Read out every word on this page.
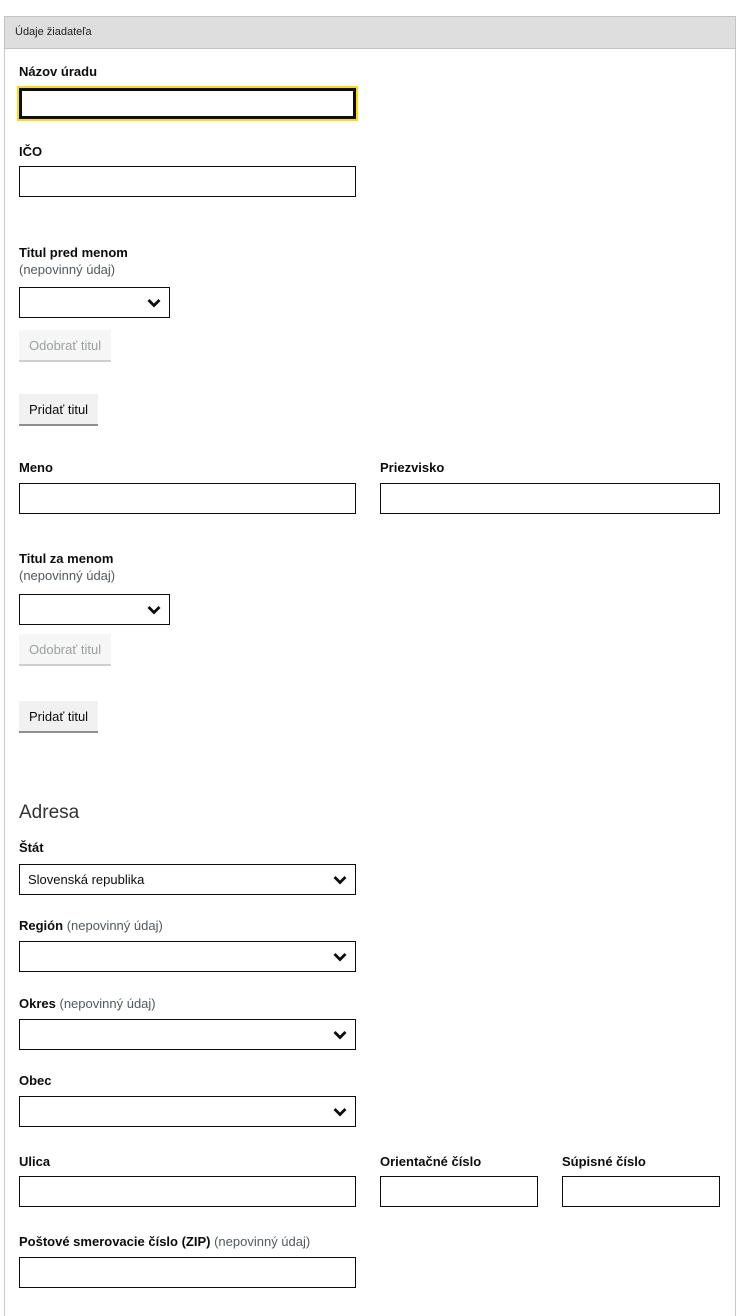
Údaje žiadateľa
Názov úradu
IČO
Titul pred menom
(nepovinný údaj)
Odobrať titul
Pridať titul
Meno	Priezvisko
Titul za menom
(nepovinný údaj)
Odobrať titul
Pridať titul
Adresa
Štát
Slovenská republika
Región (nepovinný údaj)
Okres (nepovinný údaj)
Obec
Ulica	Orientačné číslo	Súpisné číslo
Poštové smerovacie číslo (ZIP) (nepovinný údaj)
